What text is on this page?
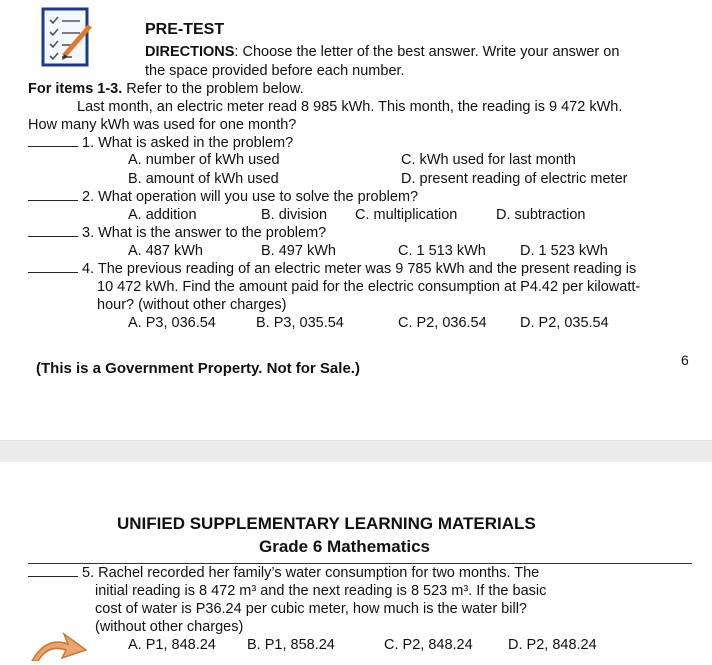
PRE-TEST
DIRECTIONS: Choose the letter of the best answer. Write your answer on
the space provided before each number.
For items 1-3. Refer to the problem below.
Last month, an electric meter read 8 985 kWh. This month, the reading is 9 472 kWh.
How many kWh was used for one month?
1. What is asked in the problem?
A. number of kWh used	C. kWh used for last month
B. amount of kWh used	D. present reading of electric meter
2. What operation will you use to solve the problem?
A. addition	B. division C. multiplication	D. subtraction
3. What is the answer to the problem?
A. 487 kWh	B. 497 kWh	C. 1 513 kWh D. 1 523 kWh
4. The previous reading of an electric meter was 9 785 kWh and the present reading is
10 472 kWh. Find the amount paid for the electric consumption at P4.42 per kilowatt-
hour? (without other charges)
A. P3, 036.54	B. P3, 035.54	C. P2, 036.54 D. P2, 035.54
(This is a Government Property. Not for Sale.)	6
UNIFIED SUPPLEMENTARY LEARNING MATERIALS
Grade 6 Mathematics
5. Rachel recorded her family’s water consumption for two months. The
initial reading is 8 472 m³ and the next reading is 8 523 m³. If the basic
cost of water is P36.24 per cubic meter, how much is the water bill?
(without other charges)
A. P1, 848.24 B. P1, 858.24	C. P2, 848.24 D. P2, 848.24
